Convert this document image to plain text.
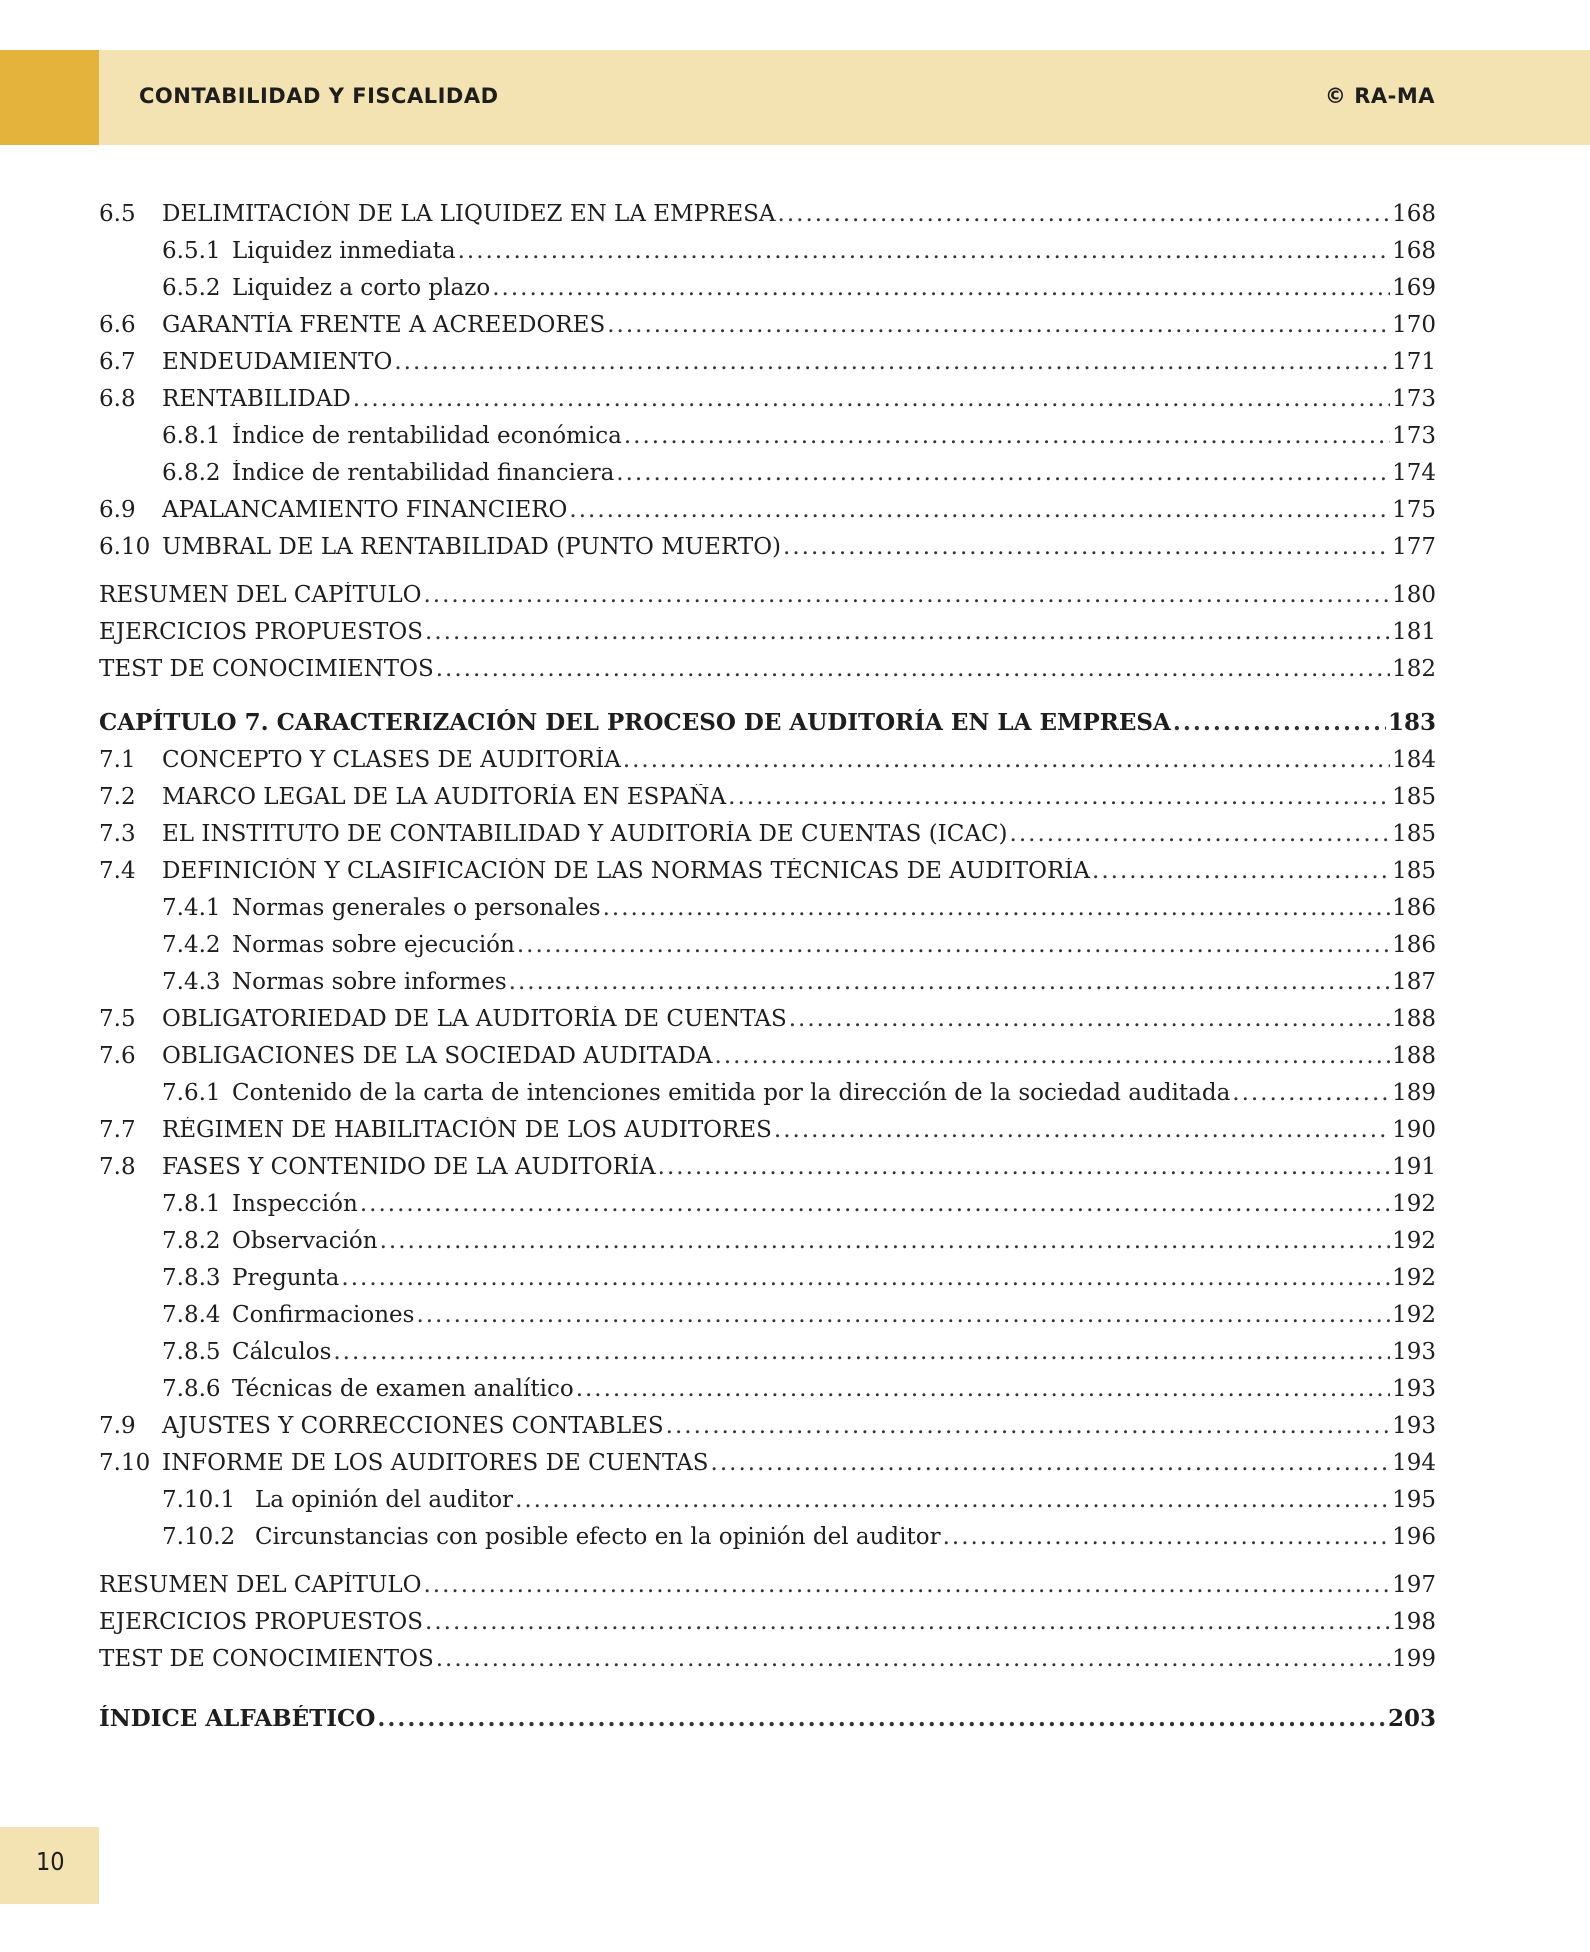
CONTABILIDAD Y FISCALIDAD	© RA-MA
6.5	DELIMITACIÓN DE LA LIQUIDEZ EN LA EMPRESA .....	168
6.5.1 Liquidez inmediata .....	168
6.5.2 Liquidez a corto plazo .....	169
6.6	GARANTÍA FRENTE A ACREEDORES .....	170
6.7	ENDEUDAMIENTO .....	171
6.8	RENTABILIDAD .....	173
6.8.1 Índice de rentabilidad económica .....	173
6.8.2 Índice de rentabilidad financiera .....	174
6.9	APALANCAMIENTO FINANCIERO .....	175
6.10 UMBRAL DE LA RENTABILIDAD (PUNTO MUERTO) .....	177
RESUMEN DEL CAPÍTULO .....	180
EJERCICIOS PROPUESTOS .....	181
TEST DE CONOCIMIENTOS .....	182
CAPÍTULO 7. CARACTERIZACIÓN DEL PROCESO DE AUDITORÍA EN LA EMPRESA .....	183
7.1	CONCEPTO Y CLASES DE AUDITORÍA .....	184
7.2	MARCO LEGAL DE LA AUDITORÍA EN ESPAÑA .....	185
7.3	EL INSTITUTO DE CONTABILIDAD Y AUDITORÍA DE CUENTAS (ICAC) .....	185
7.4	DEFINICIÓN Y CLASIFICACIÓN DE LAS NORMAS TÉCNICAS DE AUDITORÍA .....	185
7.4.1 Normas generales o personales .....	186
7.4.2 Normas sobre ejecución .....	186
7.4.3 Normas sobre informes .....	187
7.5	OBLIGATORIEDAD DE LA AUDITORÍA DE CUENTAS .....	188
7.6	OBLIGACIONES DE LA SOCIEDAD AUDITADA .....	188
7.6.1 Contenido de la carta de intenciones emitida por la dirección de la sociedad auditada .....	189
7.7	RÉGIMEN DE HABILITACIÓN DE LOS AUDITORES .....	190
7.8	FASES Y CONTENIDO DE LA AUDITORÍA .....	191
7.8.1 Inspección .....	192
7.8.2 Observación .....	192
7.8.3 Pregunta .....	192
7.8.4 Confirmaciones .....	192
7.8.5 Cálculos .....	193
7.8.6 Técnicas de examen analítico .....	193
7.9	AJUSTES Y CORRECCIONES CONTABLES .....	193
7.10 INFORME DE LOS AUDITORES DE CUENTAS .....	194
7.10.1 La opinión del auditor .....	195
7.10.2 Circunstancias con posible efecto en la opinión del auditor .....	196
RESUMEN DEL CAPÍTULO .....	197
EJERCICIOS PROPUESTOS .....	198
TEST DE CONOCIMIENTOS .....	199
ÍNDICE ALFABÉTICO .....	203
10
